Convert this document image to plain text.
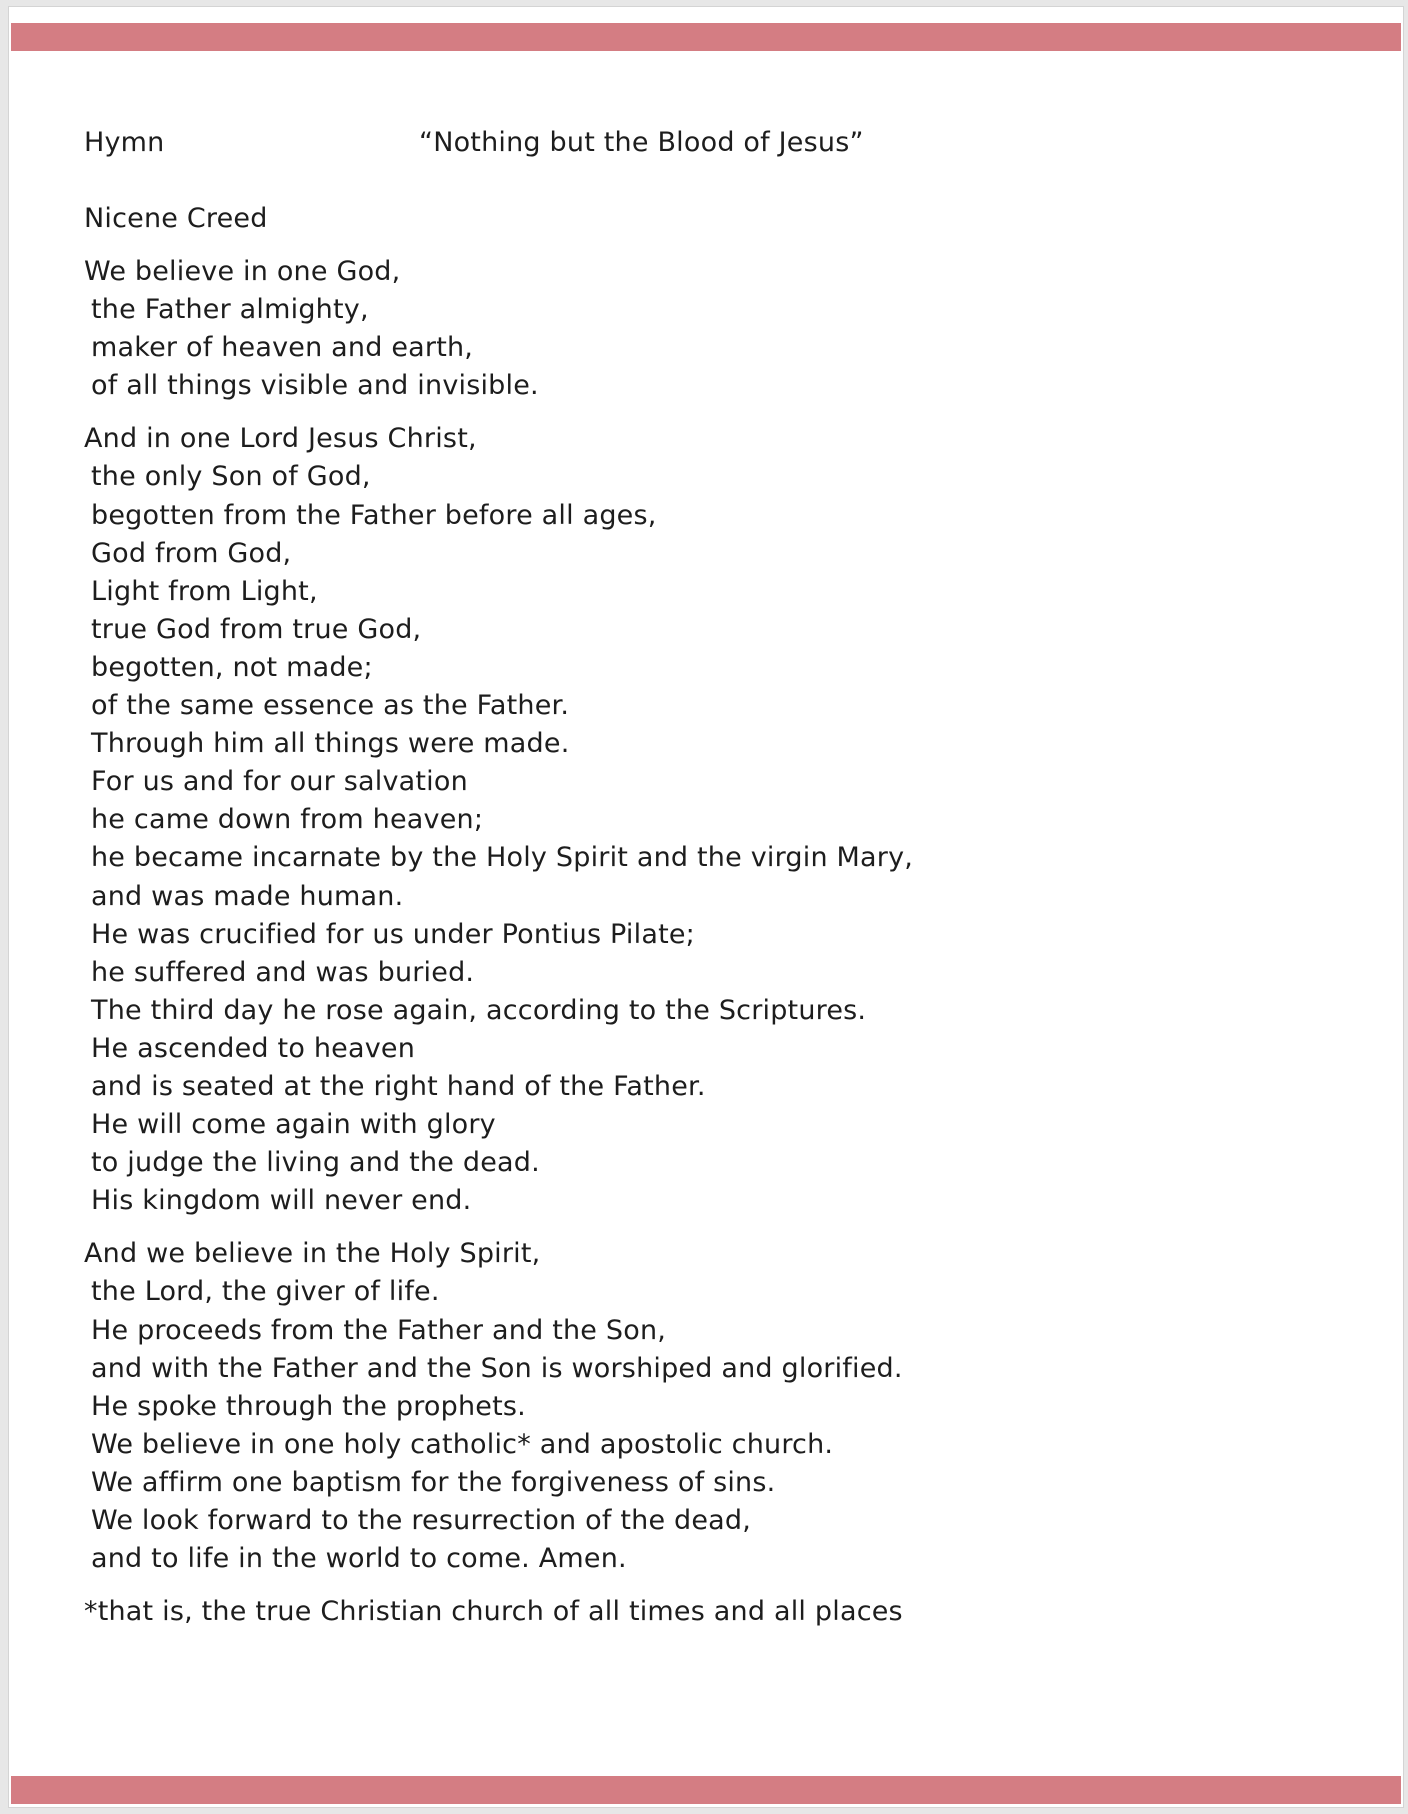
Hymn	“Nothing but the Blood of Jesus”
Nicene Creed
We believe in one God,
the Father almighty,
maker of heaven and earth,
of all things visible and invisible.
And in one Lord Jesus Christ,
the only Son of God,
begotten from the Father before all ages,
God from God,
Light from Light,
true God from true God,
begotten, not made;
of the same essence as the Father.
Through him all things were made.
For us and for our salvation
he came down from heaven;
he became incarnate by the Holy Spirit and the virgin Mary,
and was made human.
He was crucified for us under Pontius Pilate;
he suffered and was buried.
The third day he rose again, according to the Scriptures.
He ascended to heaven
and is seated at the right hand of the Father.
He will come again with glory
to judge the living and the dead.
His kingdom will never end.
And we believe in the Holy Spirit,
the Lord, the giver of life.
He proceeds from the Father and the Son,
and with the Father and the Son is worshiped and glorified.
He spoke through the prophets.
We believe in one holy catholic* and apostolic church.
We affirm one baptism for the forgiveness of sins.
We look forward to the resurrection of the dead,
and to life in the world to come. Amen.
*that is, the true Christian church of all times and all places
